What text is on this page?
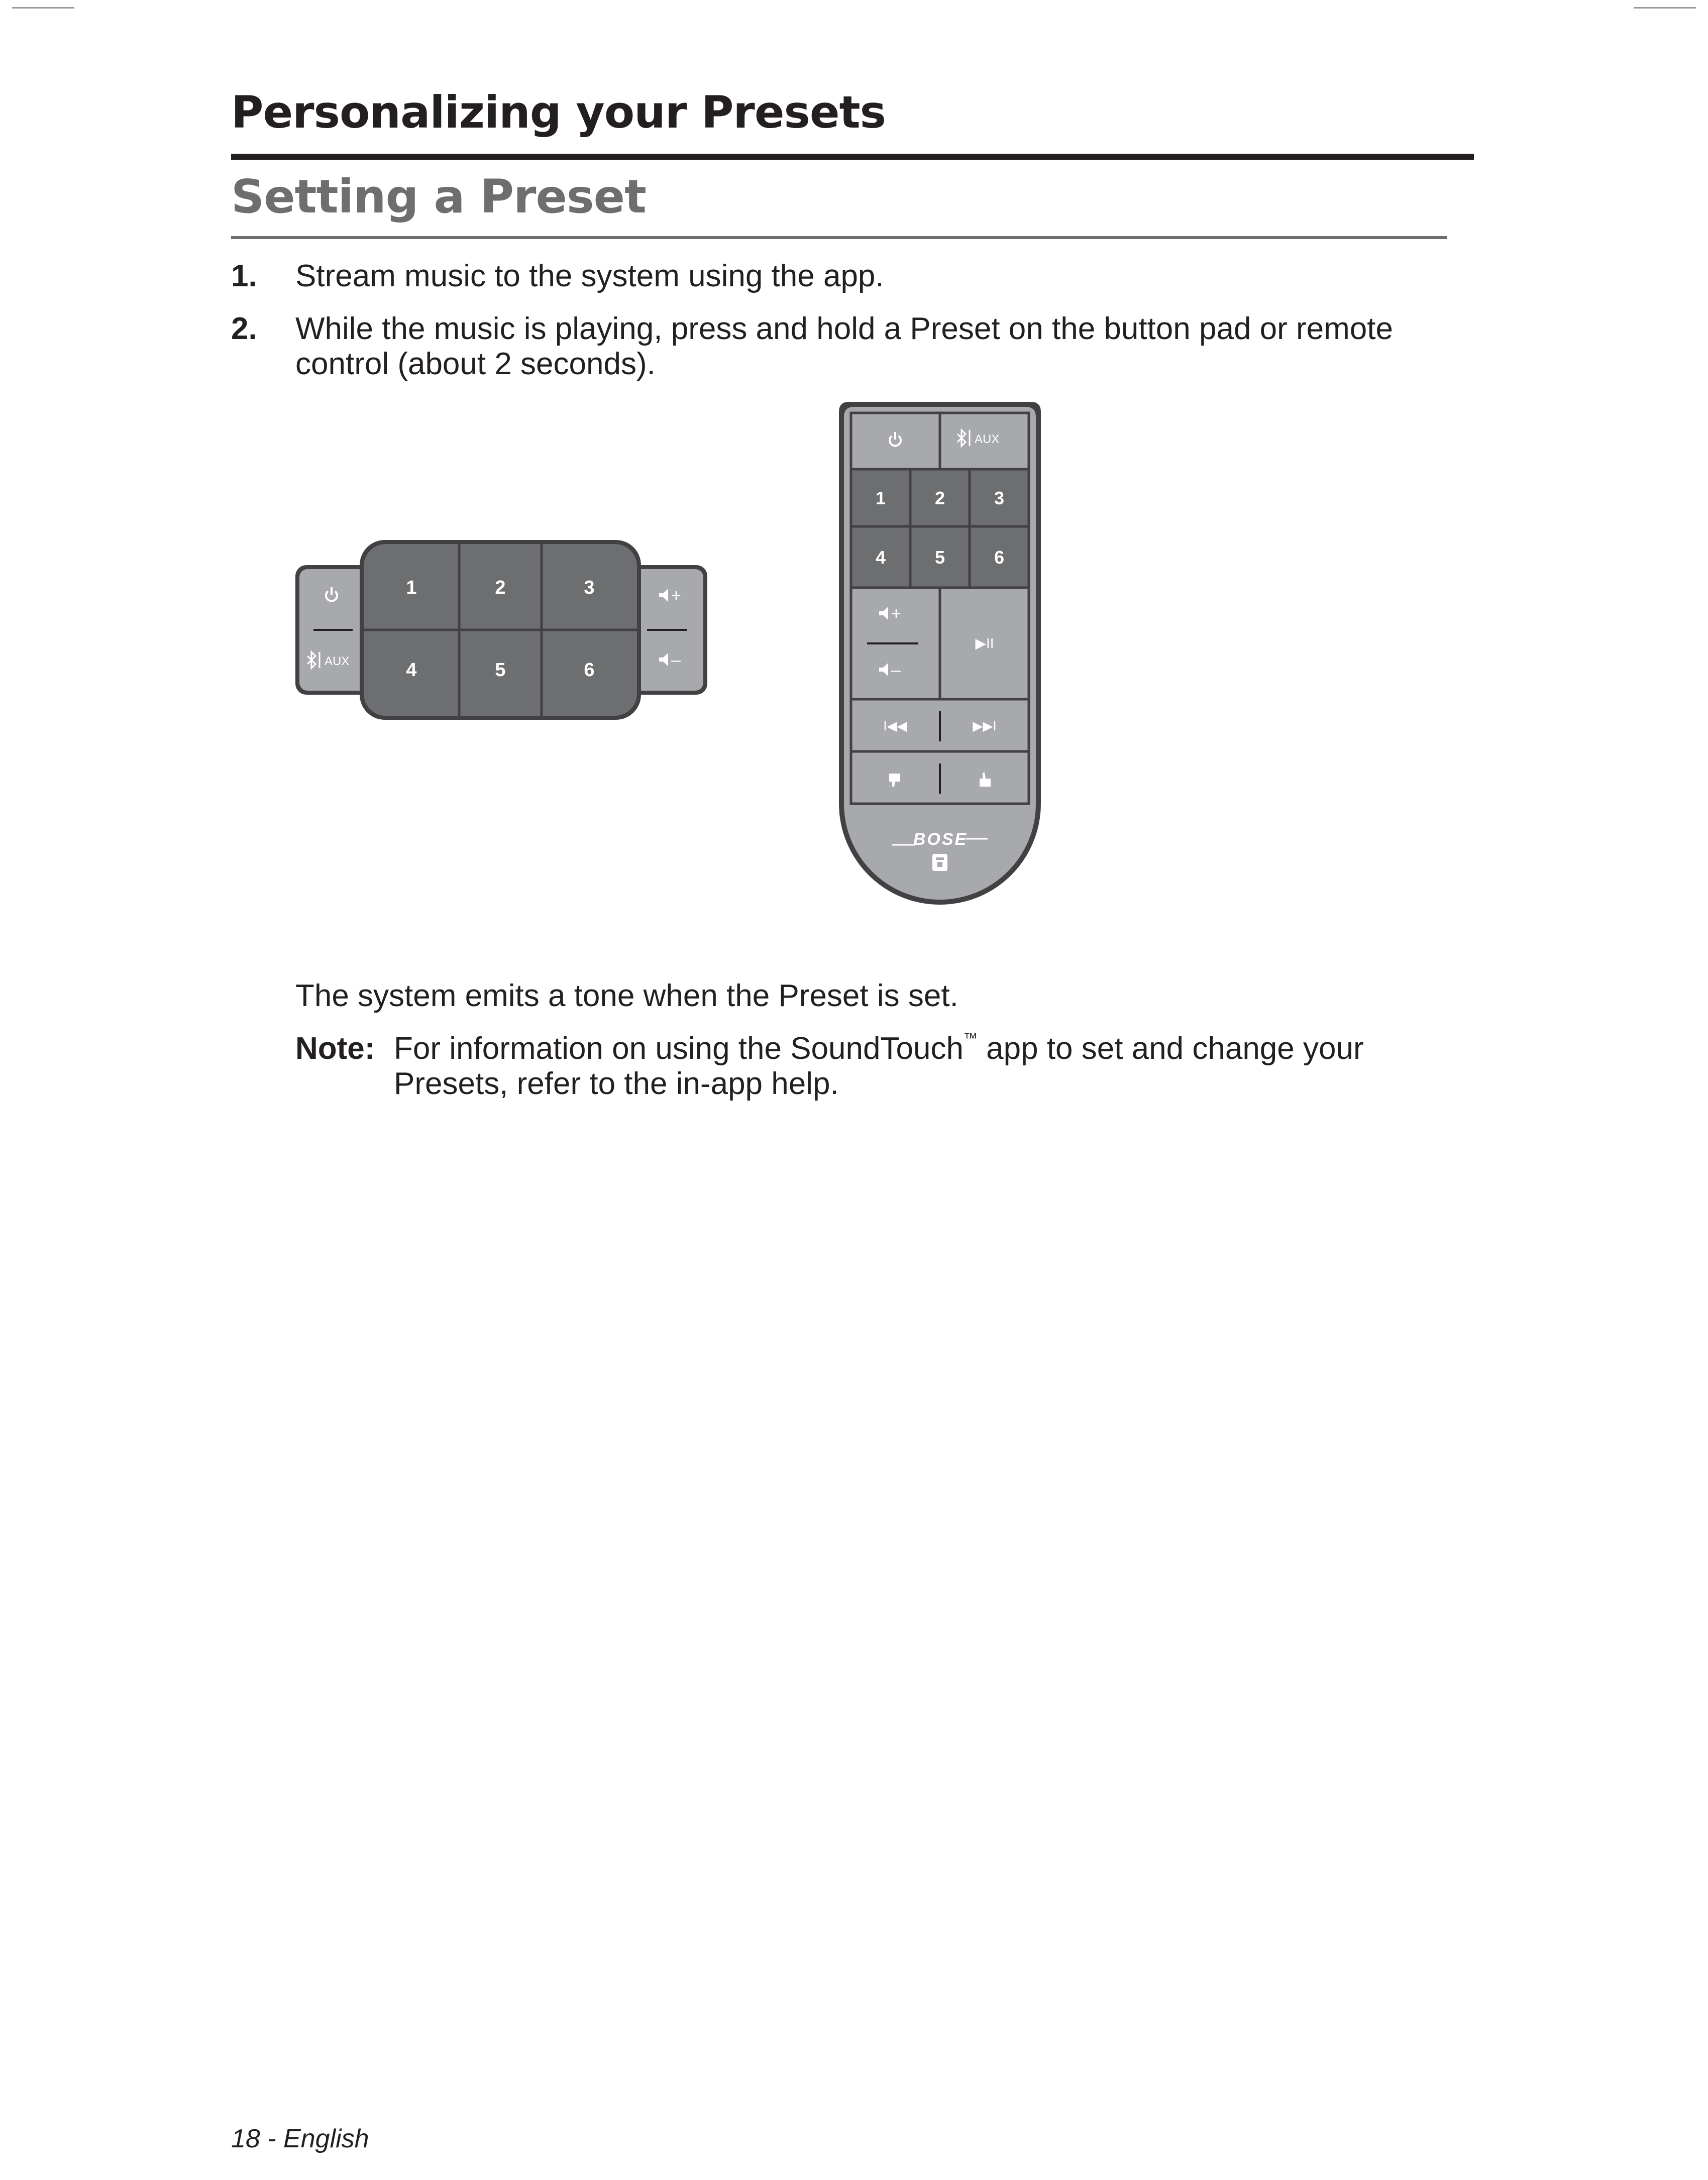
Personalizing your Presets
Setting a Preset
1. Stream music to the system using the app.
2. While the music is playing, press and hold a Preset on the button pad or remote control (about 2 seconds).
AUX
1	2	3
4	5	6
+
–
AUX
1	2	3
4	5	6
+
–
▶II
I◀◀	▶▶I
BOSE
The system emits a tone when the Preset is set.
Note: For information on using the SoundTouch™ app to set and change your Presets, refer to the in-app help.
18 - English
